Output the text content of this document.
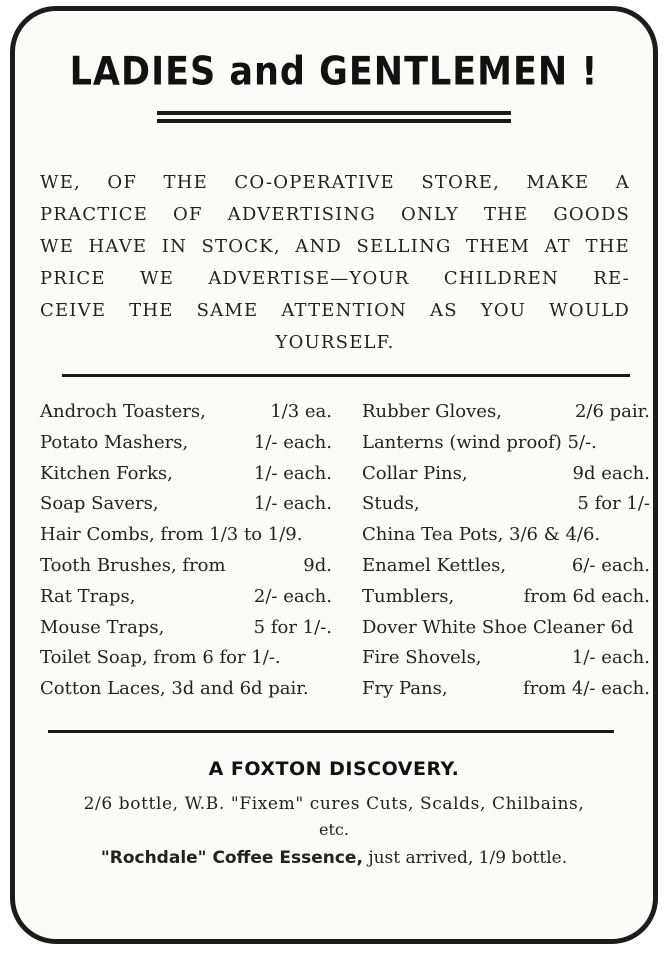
LADIES and GENTLEMEN !
WE, OF THE CO-OPERATIVE STORE, MAKE A
PRACTICE OF ADVERTISING ONLY THE GOODS
WE HAVE IN STOCK, AND SELLING THEM AT THE
PRICE WE ADVERTISE—YOUR CHILDREN RE-
CEIVE THE SAME ATTENTION AS YOU WOULD
YOURSELF.
Androch Toasters,	1/3 ea.
Potato Mashers,	1/- each.
Kitchen Forks,	1/- each.
Soap Savers,	1/- each.
Hair Combs, from 1/3 to 1/9.
Tooth Brushes, from	9d.
Rat Traps,	2/- each.
Mouse Traps,	5 for 1/-.
Toilet Soap, from 6 for 1/-.
Cotton Laces, 3d and 6d pair.
Rubber Gloves,	2/6 pair.
Lanterns (wind proof) 5/-.
Collar Pins,	9d each.
Studs,	5 for 1/-
China Tea Pots, 3/6 & 4/6.
Enamel Kettles,	6/- each.
Tumblers,	from 6d each.
Dover White Shoe Cleaner 6d
Fire Shovels,	1/- each.
Fry Pans,	from 4/- each.
A FOXTON DISCOVERY.
2/6 bottle, W.B. "Fixem" cures Cuts, Scalds, Chilbains,
etc.
"Rochdale" Coffee Essence, just arrived, 1/9 bottle.
